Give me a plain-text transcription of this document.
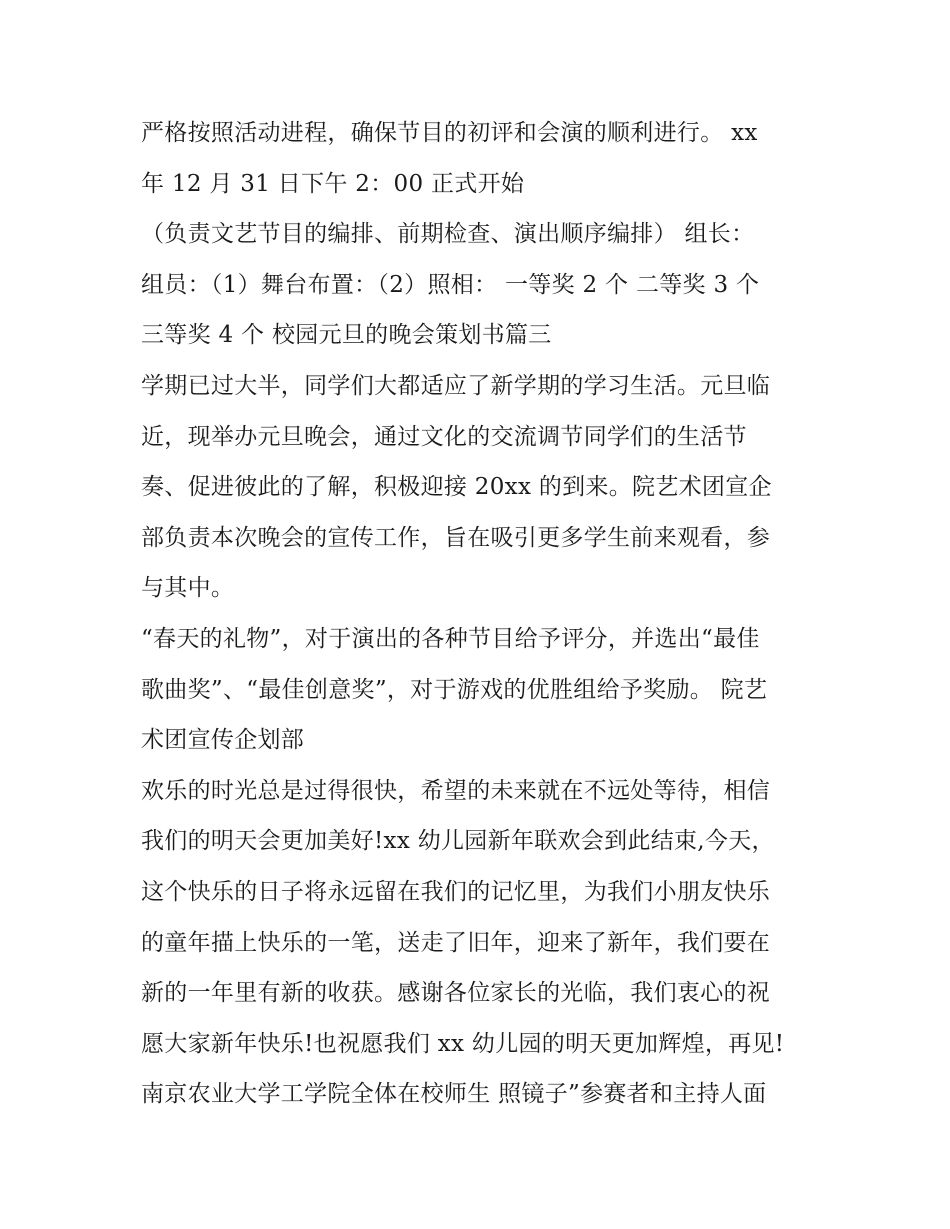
严格按照活动进程，确保节目的初评和会演的顺利进行。 xx
年 12 月 31 日下午 2：00 正式开始
（负责文艺节目的编排、前期检查、演出顺序编排） 组长：
组员：（1）舞台布置：（2）照相： 一等奖 2 个 二等奖 3 个
三等奖 4 个 校园元旦的晚会策划书篇三
学期已过大半，同学们大都适应了新学期的学习生活。元旦临
近，现举办元旦晚会，通过文化的交流调节同学们的生活节
奏、促进彼此的了解，积极迎接 20xx 的到来。院艺术团宣企
部负责本次晚会的宣传工作，旨在吸引更多学生前来观看，参
与其中。
“春天的礼物”，对于演出的各种节目给予评分，并选出“最佳
歌曲奖”、“最佳创意奖”，对于游戏的优胜组给予奖励。 院艺
术团宣传企划部
欢乐的时光总是过得很快，希望的未来就在不远处等待，相信
我们的明天会更加美好!xx 幼儿园新年联欢会到此结束,今天，
这个快乐的日子将永远留在我们的记忆里，为我们小朋友快乐
的童年描上快乐的一笔，送走了旧年，迎来了新年，我们要在
新的一年里有新的收获。感谢各位家长的光临，我们衷心的祝
愿大家新年快乐!也祝愿我们 xx 幼儿园的明天更加辉煌，再见!
南京农业大学工学院全体在校师生 照镜子”参赛者和主持人面
